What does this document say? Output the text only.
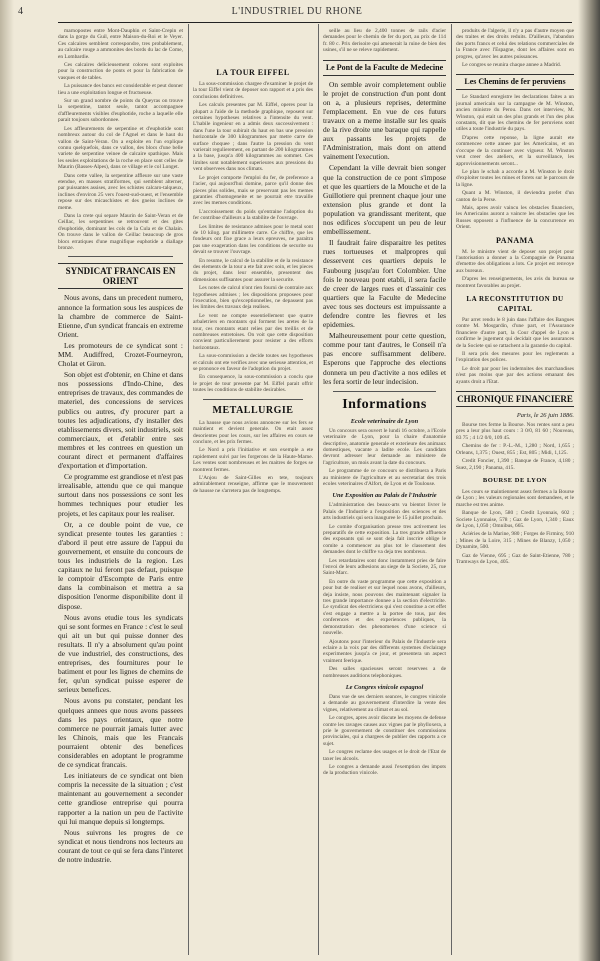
4	L'INDUSTRIEL DU RHONE

marnopostes entre Mont-Dauphin et Saint-Crepin et dans la gorge du Guil, entre Maison-du-Roi et le Veyer. Ces calcaires semblent correspondre, tres probablement, au calcaire rouge a ammonites des bords du lac de Come, en Lombardie.

Ces calcaires delicieusement colores sont exploites pour la construction de ponts et pour la fabrication de vasques et de tables.

La puissance des bancs est considerable et peut donner lieu a une exploitation longue et fructueuse.

Sur un grand nombre de points du Queyras on trouve la serpentine, tantot seule, tantot accompagnee d'affleurements visibles d'euphotide, roche a laquelle elle parait toujours subordonnee.

Les affleurements de serpentine et d'euphotide sont nombreux autour du col de l'Agnel et dans le haut du vallon de Saint-Veran. On a exploite en l'un explique connu quelquefois, dans ce vallon, des blocs d'une belle variete de serpentine veinee de calcaire spathique. Mais les seules exploitations de la roche en place sont celles de Maurin (Basses-Alpes), dans ce village et le col Longet.

Dans cette vallee, la serpentine affleure sur une vaste etendue, en masses stratiformes, qui semblent alterner, par puissantes assises, avec les schistes calcaro-talqueux, inclines d'environ 25 vers l'ouest-sud-ouest, et l'ensemble repose sur des micaschistes et des gneiss inclines de meme.

Dans la crete qui separe Maurin de Saint-Veran et de Ceillac, les serpentines se retrouvent et des gites d'euphotide, dominant les cols de la Cula et de Chalain. On trouve dans le vallon de Ceillac beaucoup de gros blocs erratiques d'une magnifique euphotide a diallage bronze.

SYNDICAT FRANCAIS EN ORIENT

Nous avons, dans un precedent numero, annonce la formation sous les auspices de la chambre de commerce de Saint-Etienne, d'un syndicat francais en extreme Orient.

Les promoteurs de ce syndicat sont : MM. Audiffred, Crozet-Fourneyron, Cholat et Giron.

Son objet est d'obtenir, en Chine et dans nos possessions d'Indo-Chine, des entreprises de travaux, des commandes de materiel, des concessions de services publics ou autres, d'y procurer part a toutes les adjudications, d'y installer des etablissements divers, soit industriels, soit commerciaux, et d'etablir entre ses membres et les contrees en question un courant direct et permanent d'affaires d'exportation et d'importation.

Ce programme est grandiose et n'est pas irrealisable, attendu que ce qui manque surtout dans nos possessions ce sont les hommes techniques pour etudier les projets, et les capitaux pour les realiser.

Or, a ce double point de vue, ce syndicat presente toutes les garanties : d'abord il peut etre assure de l'appui du gouvernement, et ensuite du concours de tous les industriels de la region. Les capitaux ne lui feront pas defaut, puisque le comptoir d'Escompte de Paris entre dans la combinaison et mettra a sa disposition l'enorme disponibilite dont il dispose.

Nous avons etudie tous les syndicats qui se sont formes en France : c'est le seul qui ait un but qui puisse donner des resultats. Il n'y a absolument qu'au point de vue industriel, des constructions, des entreprises, des fournitures pour le batiment et pour les lignes de chemins de fer, qu'un syndicat puisse esperer de serieux benefices.

Nous avons pu constater, pendant les quelques annees que nous avons passees dans les pays orientaux, que notre commerce ne pourrait jamais lutter avec les Chinois, mais que les Francais pourraient obtenir des benefices considerables en adoptant le programme de ce syndicat francais.

Les initiateurs de ce syndicat ont bien compris la necessite de la situation ; c'est maintenant au gouvernement a seconder cette grandiose entreprise qui pourra rapporter a la nation un peu de l'activite qui lui manque depuis si longtemps.

Nous suivrons les progres de ce syndicat et nous tiendrons nos lecteurs au courant de tout ce qui se fera dans l'interet de notre industrie.

LA TOUR EIFFEL

La sous-commission chargee d'examiner le projet de la tour Eiffel vient de deposer son rapport et a pris des conclusions definitives.

Les calculs presentes par M. Eiffel, operes pour la plupart a l'aide de la methode graphique, reposent sur certaines hypotheses relatives a l'intensite du vent. L'habile ingenieur en a admis deux successivement : dans l'une la tour subirait du haut en bas une pression horizontale de 300 kilogrammes par metre carre de surface choquee ; dans l'autre la pression du vent varierait regulierement, en partant de 200 kilogrammes a la base, jusqu'a 400 kilogrammes au sommet. Ces limites sont notablement superieures aux pressions du vent observees dans nos climats.

Le projet comporte l'emploi du fer, de preference a l'acier, qui aujourd'hui domine, parce qu'il donne des pieces plus solides, mais se preservant pas les memes garanties d'homogeneite et ne pourrait etre travaille avec les memes conditions.

L'accroissement du poids qu'entraine l'adoption du fer contribue d'ailleurs a la stabilite de l'ouvrage.

Les limites de resistance admises pour le metal sont de 10 kilog. par millimetre carre. Ce chiffre, que les fondeurs ont fixe grace a leurs epreuves, ne paraitra pas une exageration dans les conditions de securite ou devait se trouver l'ouvrage.

En resume, le calcul de la stabilite et de la resistance des elements de la tour a ete fait avec soin, et les pieces du projet, dans leur ensemble, presentent des dimensions suffisantes pour assurer la securite.

Les notes de calcul n'ont rien fourni de contraire aux hypotheses admises ; les dispositions proposees pour l'execution, bien qu'exceptionnelles, ne depassent pas les limites des travaux deja realises.

Le vent ne compte essentiellement que quatre arbaletriers en montants qui forment les aretes de la tour, ces montants etant relies par des treillis et de nombreuses entretoises. On voit que cette disposition convient particulierement pour resister a des efforts horizontaux.

La sous-commission a decide toutes ses hypotheses et calculs ont ete verifies avec une serieuse attention, et se prononce en faveur de l'adoption du projet.

En consequence, la sous-commission a conclu que le projet de tour presente par M. Eiffel parait offrir toutes les conditions de stabilite desirables.

METALLURGIE

La hausse que nous avions annoncee sur les fers se maintient et devient generale. On etait assez desorientes pour les cours, sur les affaires en cours se conclure, et les prix fermes.

Le Nord a pris l'initiative et son exemple a ete rapidement suivi par les forgerons de la Haute-Marne. Les ventes sont nombreuses et les maitres de forges se montrent fermes.

L'Anjou de Saint-Gilles en tete, toujours admirablement renseigne, affirme que le mouvement de hausse ne s'arretera pas de longtemps.

seille au lieu de 2,400 tonnes de rails d'acier demandes pour le chemin de fer du port, au prix de 114 fr. 80 c. Prix derisoire qui amenerait la ruine de bien des usines, s'il ne se releve rapidement.

Le Pont de la Faculte de Medecine

On semble avoir completement oublie le projet de construction d'un pont dont on a, a plusieurs reprises, determine l'emplacement. En vue de ces futurs travaux on a meme installe sur les quais de la rive droite une baraque qui rappelle aux passants les projets de l'Administration, mais dont on attend vainement l'execution.

Cependant la ville devrait bien songer que la construction de ce pont s'impose et que les quartiers de la Mouche et de la Guillotiere qui prennent chaque jour une extension plus grande et dont la population va grandissant meritent, que nos edifices s'occupent un peu de leur embellissement.

Il faudrait faire disparaitre les petites rues tortueuses et malpropres qui desservent ces quartiers depuis le Faubourg jusqu'au fort Colombier. Une fois le nouveau pont etabli, il sera facile de creer de larges rues et d'assainir ces quartiers que la Faculte de Medecine avec tous ses docteurs est impuissante a defendre contre les fievres et les epidemies.

Malheureusement pour cette question, comme pour tant d'autres, le Conseil n'a pas encore suffisamment delibere. Esperons que l'approche des elections donnera un peu d'activite a nos ediles et les fera sortir de leur indecision.

Informations
Ecole veterinaire de Lyon

Un concours sera ouvert le lundi 16 octobre, a l'Ecole veterinaire de Lyon, pour la chaire d'anatomie descriptive, anatomie generale et exterieure des animaux domestiques, vacante a ladite ecole. Les candidats devront adresser leur demande au ministere de l'agriculture, un mois avant la date du concours.

Le programme de ce concours se distribuera a Paris au ministere de l'agriculture et au secretariat des trois ecoles veterinaires d'Alfort, de Lyon et de Toulouse.

Une Exposition au Palais de l'Industrie

L'administration des beaux-arts va bientot livrer le Palais de l'Industrie a l'exposition des sciences et des arts industriels qui sera inauguree le 15 juillet prochain.

Le comite d'organisation presse tres activement les preparatifs de cette exposition. La tres grande affluence des exposants qui se sont deja fait inscrire oblige le comite a commencer au plus tot le classement des demandes dont le chiffre va deja tres nombreux.

Les retardataires sont donc instamment pries de faire l'envoi de leurs adhesions au siege de la Societe, 25, rue Saint-Marc.

En outre du vaste programme que cette exposition a pour but de realiser et sur lequel nous avons, d'ailleurs, deja insiste, nous pouvons des maintenant signaler la tres grande importance donnee a la section d'electricite. Le syndicat des electriciens qui s'est constitue a cet effet s'est engage a mettre a la portee de tous, par des conferences et des experiences publiques, la demonstration des phenomenes d'une science si nouvelle.

Ajoutons pour l'interieur du Palais de l'Industrie sera eclaire a la voix par des differents systemes d'eclairage experimentes jusqu'a ce jour, et presentera un aspect vraiment feerique.

Des salles spacieuses seront reservees a de nombreuses auditions telephoniques.

Le Congres vinicole espagnol

Dans vue de ses derniers seances, le congres vinicole a demande au gouvernement d'interdire la vente des vignes, relativement au climat et au sol.

Le congres, apres avoir discute les moyens de defense contre les ravages causes aux vignes par le phylloxera, a prie le gouvernement de constituer des commissions provinciales, qui a chargees de publier des rapports a ce sujet.

Le congres reclame des usages et le droit de l'Etat de taxer les alcools.

Le congres a demande aussi l'exemption des impots de la production vinicole.

produits de l'algerie, il n'y a pas d'autre moyen que des traites et des droits reduits. D'ailleurs, l'abandon des ports francs et celui des relations commerciales de la France avec l'Espagne, dont les affaires sont en progres, qu'avec les autres puissances.

Le congres se reunira chaque annee a Madrid.

Les Chemins de fer peruviens

Le Standard enregistre les declarations faites a un journal americain sur la campagne de M. Winston, ancien ministre du Perou. Dans cet interview, M. Winston, qui etait un des plus grands et l'un des plus constants, dit que les chemins de fer peruviens sont utiles a toute l'industrie du pays.

D'apres cette reponse, la ligne aurait ete commencee cette annee par les Americains, et on s'occupe de la continuer avec vigueur. M. Winston veut creer des ateliers, et la surveillance, les approvisionnements seront...

Le plan le schah a accorde a M. Winston le droit d'exploiter toutes les mines et forets sur le parcours de la ligne.

Quant a M. Winston, il deviendra prefet d'un canton de la Perse.

Mais, apres avoir vaincu les obstacles financiers, les Americains auront a vaincre les obstacles que les Russes opposent a l'influence de la concurrence en Orient.

PANAMA

M. le ministre vient de deposer son projet pour l'autorisation a donner a la Compagnie de Panama d'emettre des obligations a lots. Ce projet est renvoye aux bureaux.

D'apres les renseignements, les avis du bureau se montrent favorables au projet.

LA RECONSTITUTION DU CAPITAL

Par arret rendu le 8 juin dans l'affaire des Bangues contre M. Mosgardin, d'une part, et l'Assurance financiere d'autre part, la Cour d'appel de Lyon a confirme le jugement qui decidait que les assurances de la Societe qui se rattachent a la garantie du capital.

Il sera pris des mesures pour les reglements a l'expiration des polices.

Le droit par pour les indemnites des marchandises n'est pas moins que par des actions emanant des ayants droit a l'Etat.

CHRONIQUE FINANCIERE
Paris, le 26 juin 1886.

Bourse tres ferme la Bourse. Nos rentes sont a peu pres a leur plus haut cours : 3 0/0, 81 60 ; Nouveau, 83 75 ; 4 1/2 0/0, 109 45.

Chemins de fer : P.-L.-M., 1,280 ; Nord, 1,655 ; Orleans, 1,375 ; Ouest, 855 ; Est, 805 ; Midi, 1,125.

Credit Foncier, 1,390 ; Banque de France, 4,180 ; Suez, 2,190 ; Panama, 415.

BOURSE DE LYON

Les cours se maintiennent assez fermes a la Bourse de Lyon ; les valeurs regionales sont demandees, et le marche est tres anime.

Banque de Lyon, 580 ; Credit Lyonnais, 602 ; Societe Lyonnaise, 578 ; Gaz de Lyon, 1,340 ; Eaux de Lyon, 1,050 ; Omnibus, 665.

Aciéries de la Marine, 980 ; Forges de Firminy, 910 ; Mines de la Loire, 315 ; Mines de Blanzy, 1,050 ; Dynamite, 500.

Gaz de Vienne, 695 ; Gaz de Saint-Etienne, 780 ; Tramways de Lyon, 405.
